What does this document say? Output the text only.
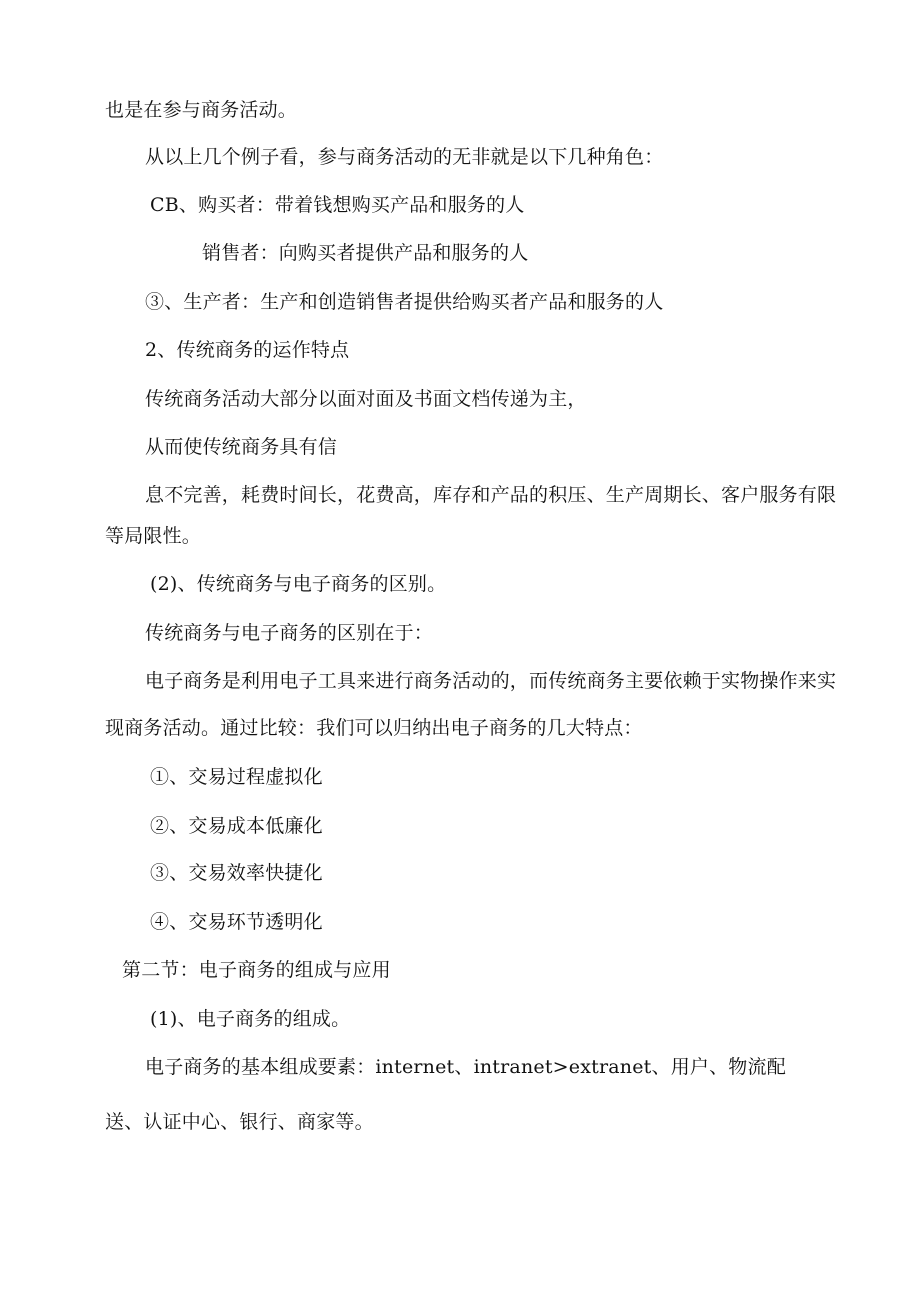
也是在参与商务活动。
从以上几个例子看，参与商务活动的无非就是以下几种角色：
CB、购买者：带着钱想购买产品和服务的人
销售者：向购买者提供产品和服务的人
③、生产者：生产和创造销售者提供给购买者产品和服务的人
2、传统商务的运作特点
传统商务活动大部分以面对面及书面文档传递为主，
从而使传统商务具有信
息不完善，耗费时间长，花费高，库存和产品的积压、生产周期长、客户服务有限
等局限性。
(2)、传统商务与电子商务的区别。
传统商务与电子商务的区别在于：
电子商务是利用电子工具来进行商务活动的，而传统商务主要依赖于实物操作来实
现商务活动。通过比较：我们可以归纳出电子商务的几大特点：
①、交易过程虚拟化
②、交易成本低廉化
③、交易效率快捷化
④、交易环节透明化
第二节：电子商务的组成与应用
(1)、电子商务的组成。
电子商务的基本组成要素：internet、intranet>extranet、用户、物流配
送、认证中心、银行、商家等。
